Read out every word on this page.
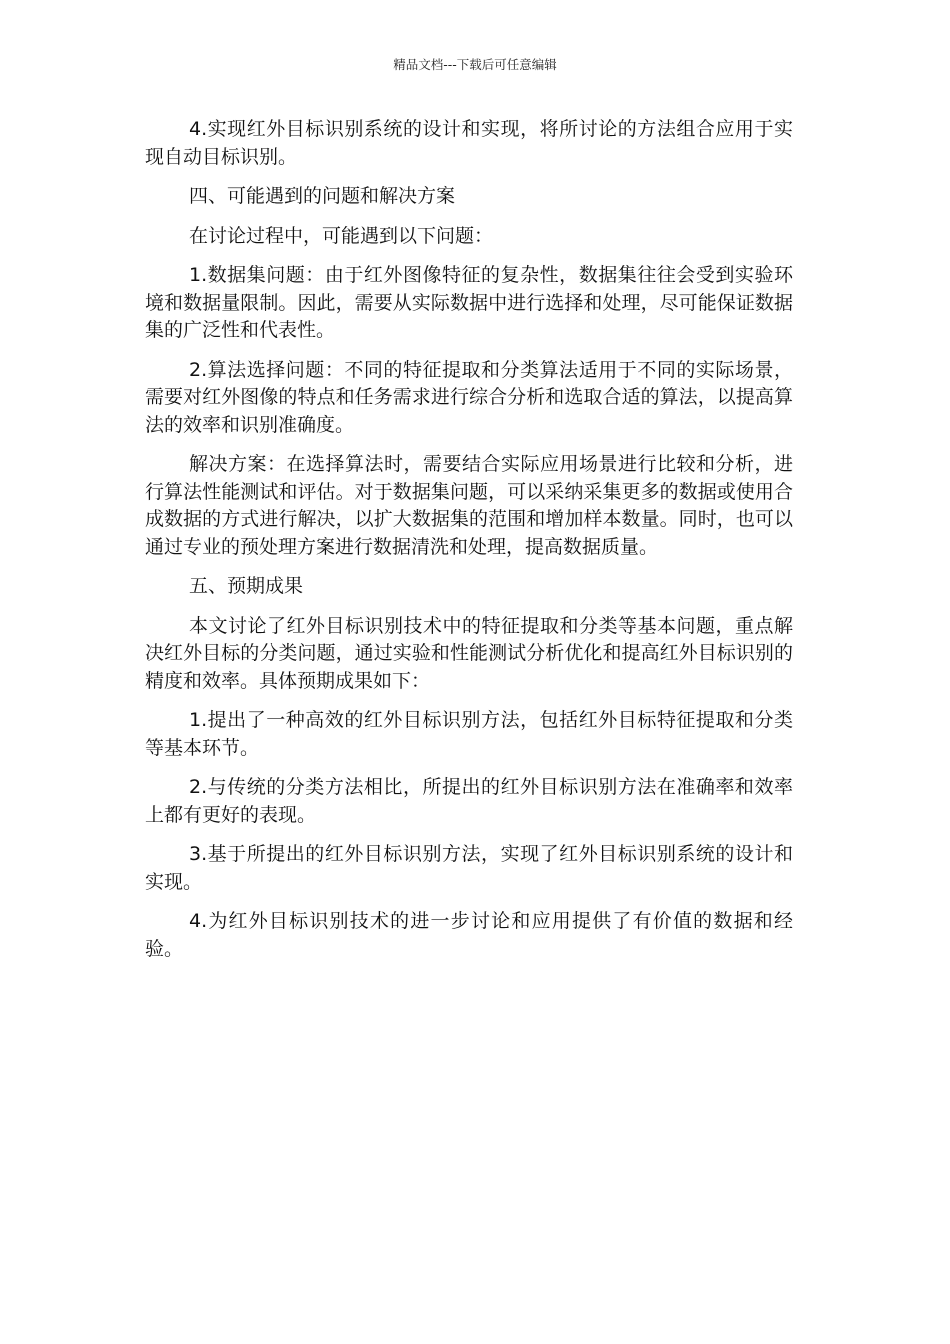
精品文档---下载后可任意编辑

4.实现红外目标识别系统的设计和实现，将所讨论的方法组合应用于实现自动目标识别。

四、可能遇到的问题和解决方案

在讨论过程中，可能遇到以下问题：

1.数据集问题：由于红外图像特征的复杂性，数据集往往会受到实验环境和数据量限制。因此，需要从实际数据中进行选择和处理，尽可能保证数据集的广泛性和代表性。

2.算法选择问题：不同的特征提取和分类算法适用于不同的实际场景，需要对红外图像的特点和任务需求进行综合分析和选取合适的算法，以提高算法的效率和识别准确度。

解决方案：在选择算法时，需要结合实际应用场景进行比较和分析，进行算法性能测试和评估。对于数据集问题，可以采纳采集更多的数据或使用合成数据的方式进行解决，以扩大数据集的范围和增加样本数量。同时，也可以通过专业的预处理方案进行数据清洗和处理，提高数据质量。

五、预期成果

本文讨论了红外目标识别技术中的特征提取和分类等基本问题，重点解决红外目标的分类问题，通过实验和性能测试分析优化和提高红外目标识别的精度和效率。具体预期成果如下：

1.提出了一种高效的红外目标识别方法，包括红外目标特征提取和分类等基本环节。

2.与传统的分类方法相比，所提出的红外目标识别方法在准确率和效率上都有更好的表现。

3.基于所提出的红外目标识别方法，实现了红外目标识别系统的设计和实现。

4.为红外目标识别技术的进一步讨论和应用提供了有价值的数据和经验。
